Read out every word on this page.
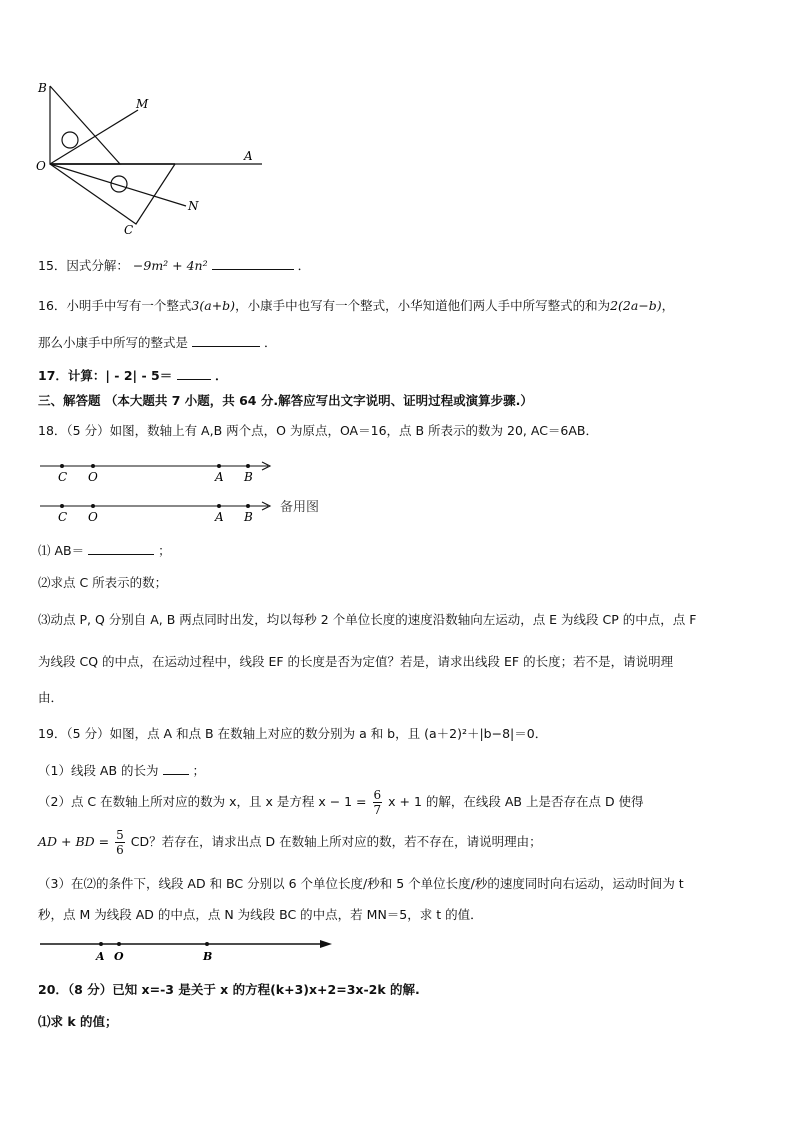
B
M
O
A
N
C
15．因式分解： −9m² + 4n²	．
16．小明手中写有一个整式3(a+b)，小康手中也写有一个整式，小华知道他们两人手中所写整式的和为2(2a−b)，
那么小康手中所写的整式是	．
17．计算：| - 2| - 5＝	．
三、解答题 （本大题共 7 小题，共 64 分.解答应写出文字说明、证明过程或演算步骤.）
18．（5 分）如图，数轴上有 A,B 两个点，O 为原点，OA＝16，点 B 所表示的数为 20, AC＝6AB．
C O	A B
C O	A B
备用图
⑴ AB＝	；
⑵求点 C 所表示的数；
⑶动点 P, Q 分别自 A, B 两点同时出发，均以每秒 2 个单位长度的速度沿数轴向左运动，点 E 为线段 CP 的中点，点 F
为线段 CQ 的中点，在运动过程中，线段 EF 的长度是否为定值？若是，请求出线段 EF 的长度；若不是，请说明理
由．
19．（5 分）如图，点 A 和点 B 在数轴上对应的数分别为 a 和 b，且 (a＋2)²＋|b−8|＝0．
（1）线段 AB 的长为	；
（2）点 C 在数轴上所对应的数为 x，且 x 是方程 $x - 1 = \frac{6}{7}$ x + 1 的解，在线段 AB 上是否存在点 D 使得
AD + BD = $\frac{5}{6}$ CD？若存在，请求出点 D 在数轴上所对应的数，若不存在，请说明理由；
（3）在⑵的条件下，线段 AD 和 BC 分别以 6 个单位长度/秒和 5 个单位长度/秒的速度同时向右运动，运动时间为 t
秒，点 M 为线段 AD 的中点，点 N 为线段 BC 的中点，若 MN＝5，求 t 的值．
A O	B
20．（8 分）已知 x=-3 是关于 x 的方程(k+3)x+2=3x-2k 的解.
⑴求 k 的值；
